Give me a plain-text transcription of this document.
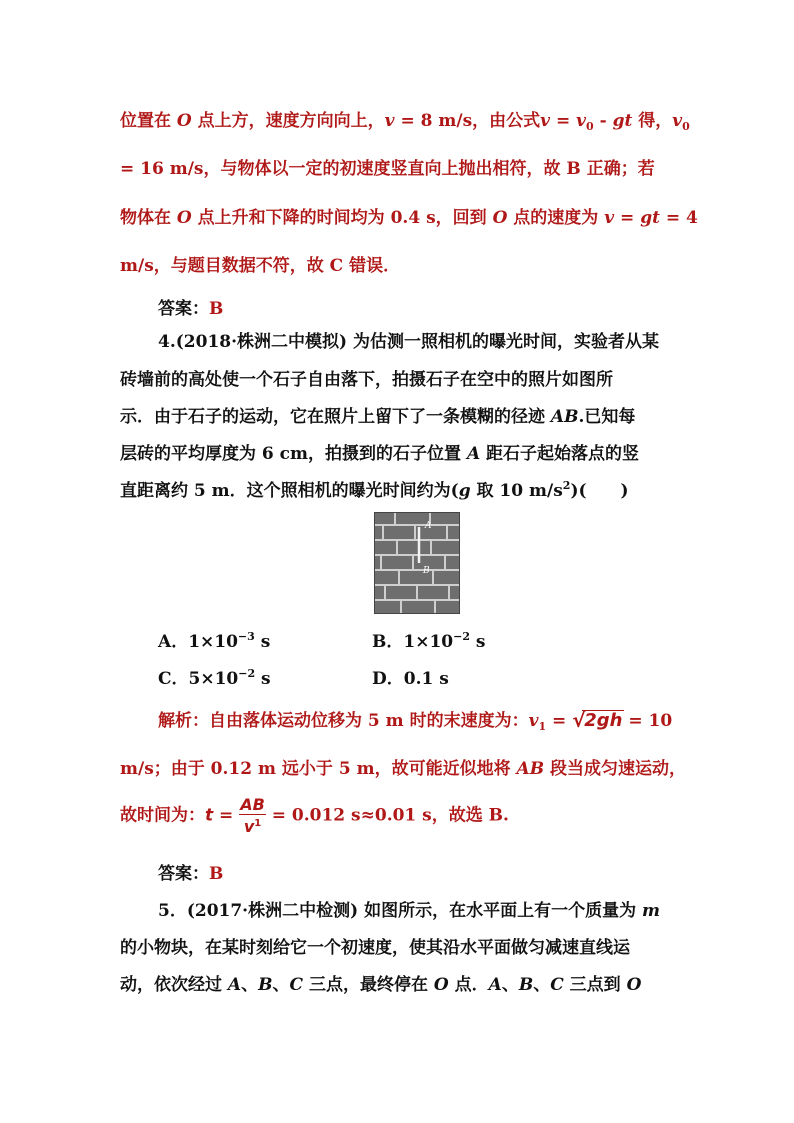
位置在 O 点上方，速度方向向上，v = 8 m/s，由公式$v = v_0$ - gt 得，$v_0$
= 16 m/s，与物体以一定的初速度竖直向上抛出相符，故 B 正确；若
物体在 O 点上升和下降的时间均为 0.4 s，回到 O 点的速度为 v = gt = 4
m/s，与题目数据不符，故 C 错误．
答案：B
4.(2018·株洲二中模拟) 为估测一照相机的曝光时间，实验者从某
砖墙前的高处使一个石子自由落下，拍摄石子在空中的照片如图所
示．由于石子的运动，它在照片上留下了一条模糊的径迹 AB.已知每
层砖的平均厚度为 6 cm，拍摄到的石子位置 A 距石子起始落点的竖
直距离约 5 m．这个照相机的曝光时间约为(g 取 10 $m/s^2$)(　　)
A
B
A．$1\times 10^{-3}$ s	B．$1\times 10^{-2}$ s
C．$5\times 10^{-2}$ s	D．0.1 s
解析：自由落体运动位移为 5 m 时的末速度为：$v_1$ = √
2gh = 10
m/s；由于 0.12 m 远小于 5 m，故可能近似地将 AB 段当成匀速运动，
故时间为：$t = \frac{AB}{v^1} = 0.012$ s≈0.01 s，故选 B.
答案：B
5．(2017·株洲二中检测) 如图所示，在水平面上有一个质量为 m
的小物块，在某时刻给它一个初速度，使其沿水平面做匀减速直线运
动，依次经过 A、B、C 三点，最终停在 O 点．A、B、C 三点到 O
